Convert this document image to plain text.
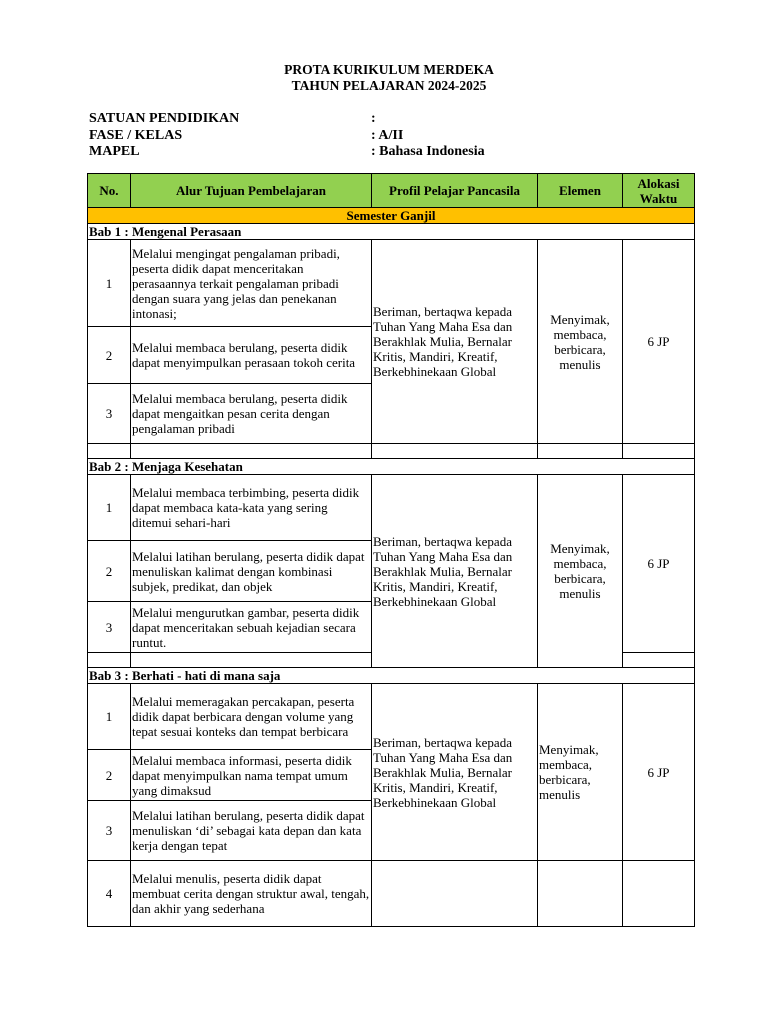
PROTA KURIKULUM MERDEKA
TAHUN PELAJARAN 2024-2025
SATUAN PENDIDIKAN	:
FASE / KELAS	: A/II
MAPEL	: Bahasa Indonesia
No.	Alur Tujuan Pembelajaran	Profil Pelajar Pancasila	Elemen	Alokasi Waktu
Semester Ganjil				
Bab 1 : Mengenal Perasaan				
1	Melalui mengingat pengalaman pribadi, peserta didik dapat menceritakan perasaannya terkait pengalaman pribadi dengan suara yang jelas dan penekanan intonasi;	Beriman, bertaqwa kepada Tuhan Yang Maha Esa dan Berakhlak Mulia, Bernalar Kritis, Mandiri, Kreatif, Berkebhinekaan Global	Menyimak, membaca, berbicara, menulis	6 JP
2	Melalui membaca berulang, peserta didik dapat menyimpulkan perasaan tokoh cerita			
3	Melalui membaca berulang, peserta didik dapat mengaitkan pesan cerita dengan pengalaman pribadi			

Bab 2 : Menjaga Kesehatan				
1	Melalui membaca terbimbing, peserta didik dapat membaca kata-kata yang sering ditemui sehari-hari	Beriman, bertaqwa kepada Tuhan Yang Maha Esa dan Berakhlak Mulia, Bernalar Kritis, Mandiri, Kreatif, Berkebhinekaan Global	Menyimak, membaca, berbicara, menulis	6 JP
2	Melalui latihan berulang, peserta didik dapat menuliskan kalimat dengan kombinasi subjek, predikat, dan objek			
3	Melalui mengurutkan gambar, peserta didik dapat menceritakan sebuah kejadian secara runtut.			

Bab 3 : Berhati - hati di mana saja				
1	Melalui memeragakan percakapan, peserta didik dapat berbicara dengan volume yang tepat sesuai konteks dan tempat berbicara	Beriman, bertaqwa kepada Tuhan Yang Maha Esa dan Berakhlak Mulia, Bernalar Kritis, Mandiri, Kreatif, Berkebhinekaan Global	Menyimak, membaca, berbicara, menulis	6 JP
2	Melalui membaca informasi, peserta didik dapat menyimpulkan nama tempat umum yang dimaksud			
3	Melalui latihan berulang, peserta didik dapat menuliskan ‘di’ sebagai kata depan dan kata kerja dengan tepat			
4	Melalui menulis, peserta didik dapat membuat cerita dengan struktur awal, tengah, dan akhir yang sederhana			
